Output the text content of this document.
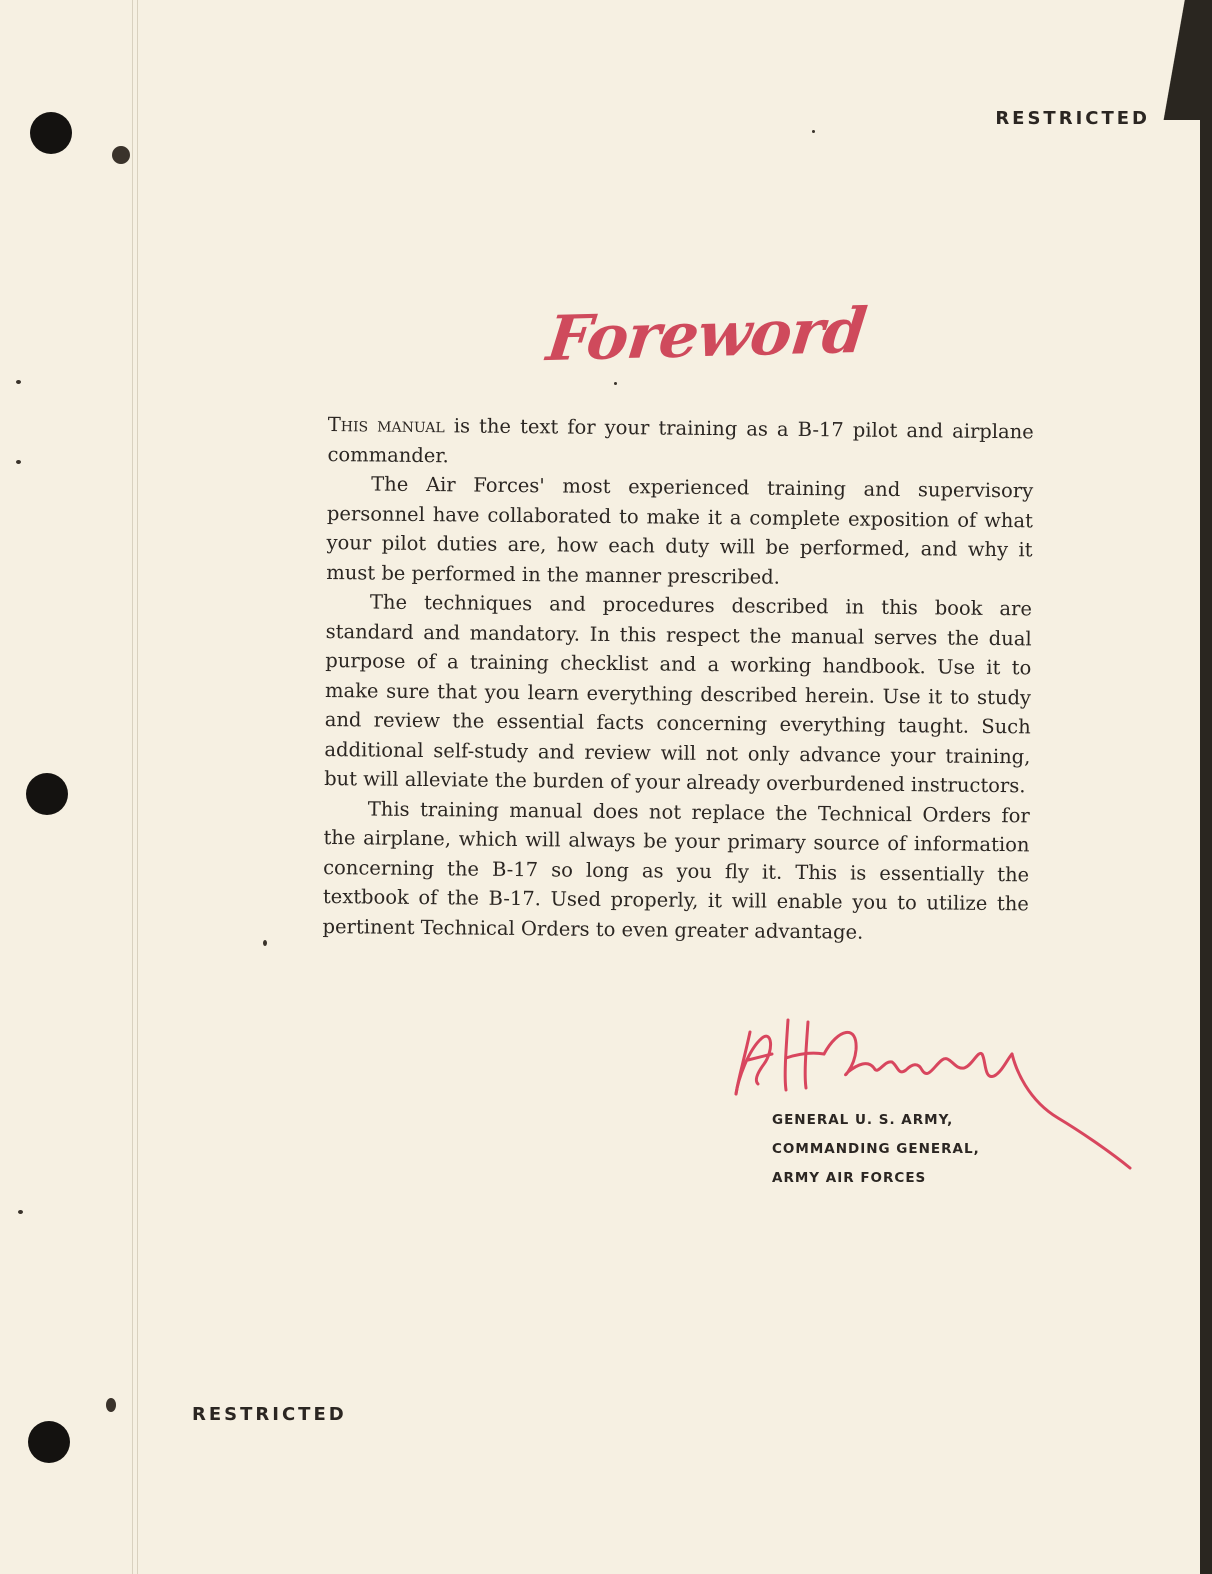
RESTRICTED
Foreword

This manual is the text for your training as a B-17 pilot and airplane commander.

The Air Forces' most experienced training and supervisory personnel have collaborated to make it a complete exposition of what your pilot duties are, how each duty will be performed, and why it must be performed in the manner prescribed.

The techniques and procedures described in this book are standard and mandatory. In this respect the manual serves the dual purpose of a training checklist and a working handbook. Use it to make sure that you learn everything described herein. Use it to study and review the essential facts concerning everything taught. Such additional self-study and review will not only advance your training, but will alleviate the burden of your already overburdened instructors.

This training manual does not replace the Technical Orders for the airplane, which will always be your primary source of information concerning the B-17 so long as you fly it. This is essentially the textbook of the B-17. Used properly, it will enable you to utilize the pertinent Technical Orders to even greater advantage.

GENERAL U. S. ARMY,
COMMANDING GENERAL,
ARMY AIR FORCES
RESTRICTED
